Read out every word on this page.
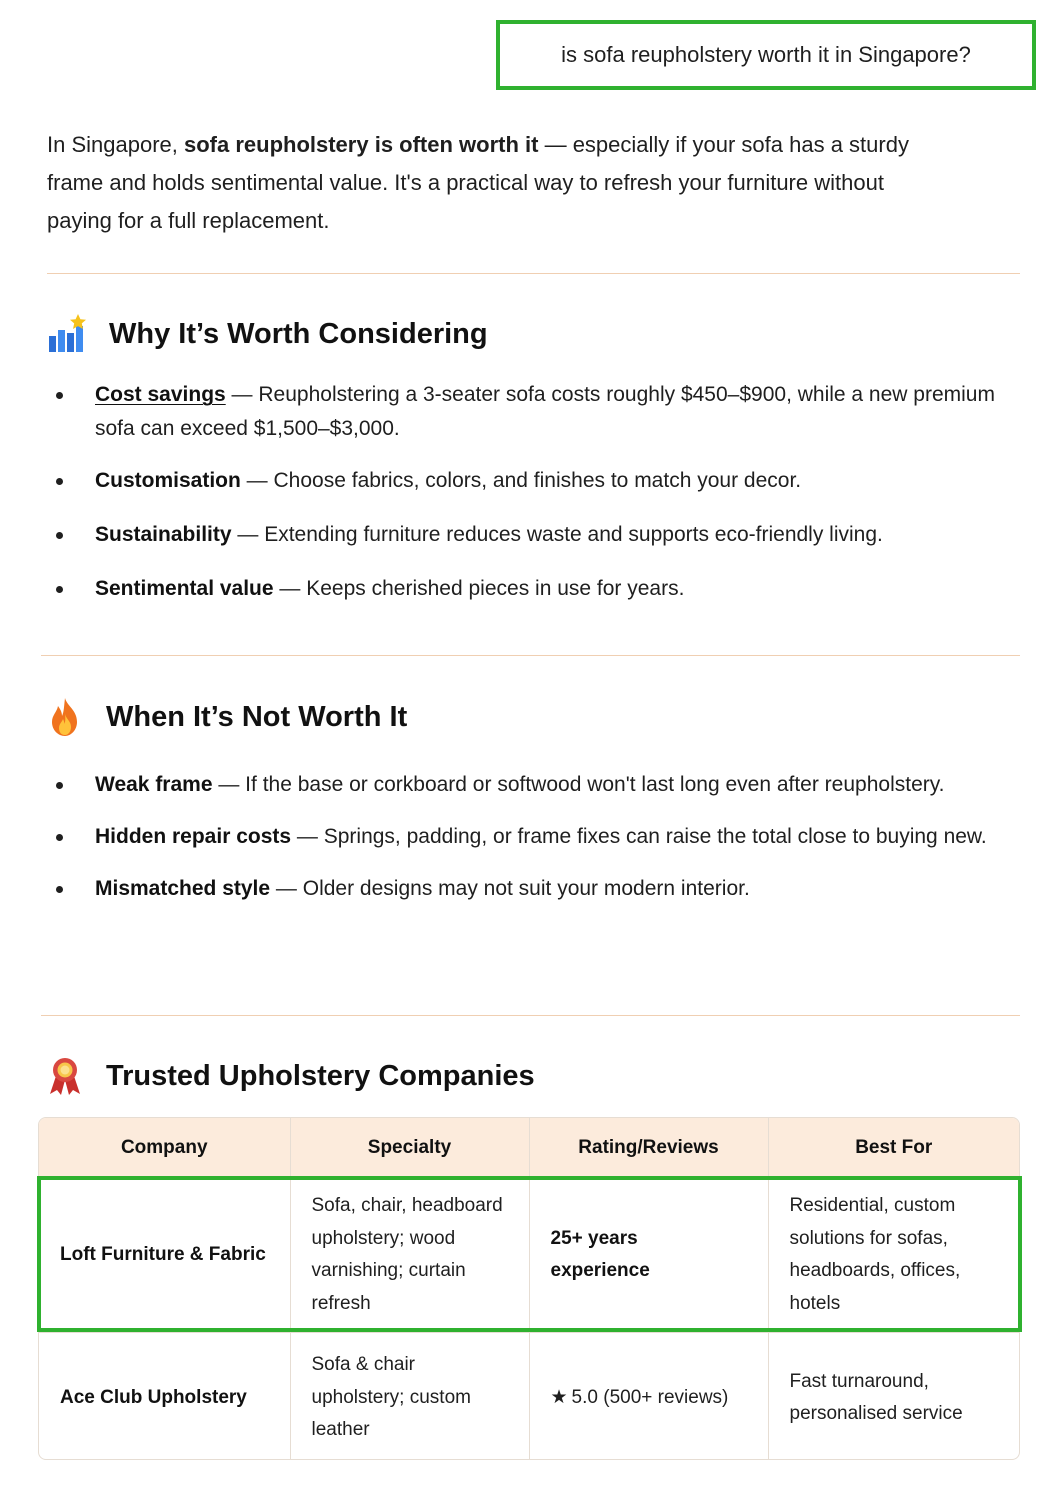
is sofa reupholstery worth it in Singapore?
In Singapore, sofa reupholstery is often worth it — especially if your sofa has a sturdy frame and holds sentimental value. It's a practical way to refresh your furniture without paying for a full replacement.
Why It’s Worth Considering
Cost savings — Reupholstering a 3-seater sofa costs roughly $450–$900, while a new premium sofa can exceed $1,500–$3,000.
Customisation — Choose fabrics, colors, and finishes to match your decor.
Sustainability — Extending furniture reduces waste and supports eco-friendly living.
Sentimental value — Keeps cherished pieces in use for years.
When It’s Not Worth It
Weak frame — If the base or corkboard or softwood won't last long even after reupholstery.
Hidden repair costs — Springs, padding, or frame fixes can raise the total close to buying new.
Mismatched style — Older designs may not suit your modern interior.
Trusted Upholstery Companies
Company	Specialty	Rating/Reviews	Best For
Loft Furniture & Fabric	Sofa, chair, headboard upholstery; wood varnishing; curtain refresh	25+ years experience	Residential, custom solutions for sofas, headboards, offices, hotels
Ace Club Upholstery	Sofa & chair upholstery; custom leather	★ 5.0 (500+ reviews)	Fast turnaround, personalised service
